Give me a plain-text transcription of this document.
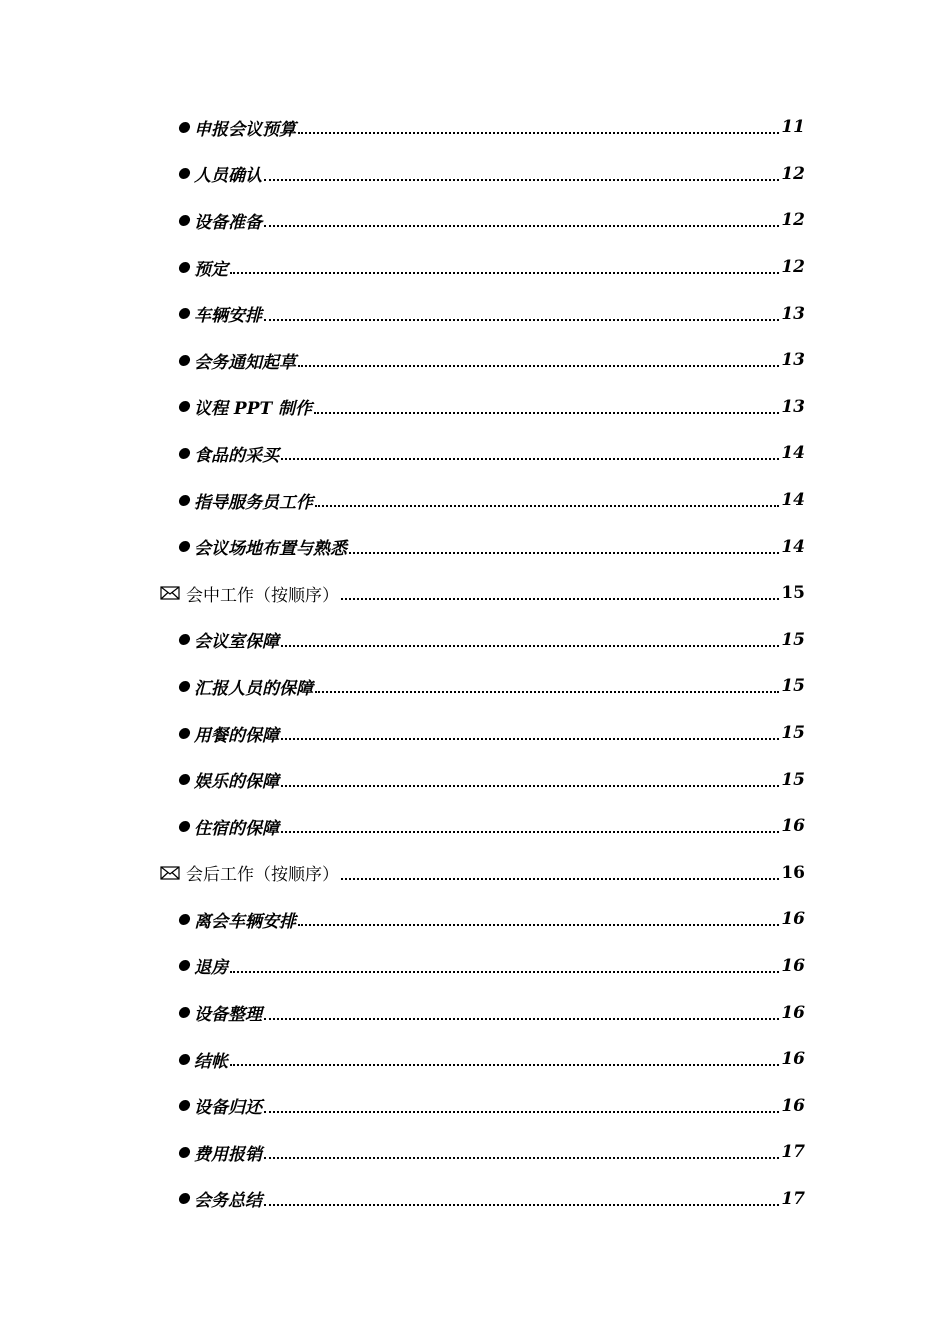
申报会议预算	11
人员确认	12
设备准备	12
预定	12
车辆安排	13
会务通知起草	13
议程 PPT 制作	13
食品的采买	14
指导服务员工作	14
会议场地布置与熟悉	14
会中工作（按顺序）	15
会议室保障	15
汇报人员的保障	15
用餐的保障	15
娱乐的保障	15
住宿的保障	16
会后工作（按顺序）	16
离会车辆安排	16
退房	16
设备整理	16
结帐	16
设备归还	16
费用报销	17
会务总结	17
